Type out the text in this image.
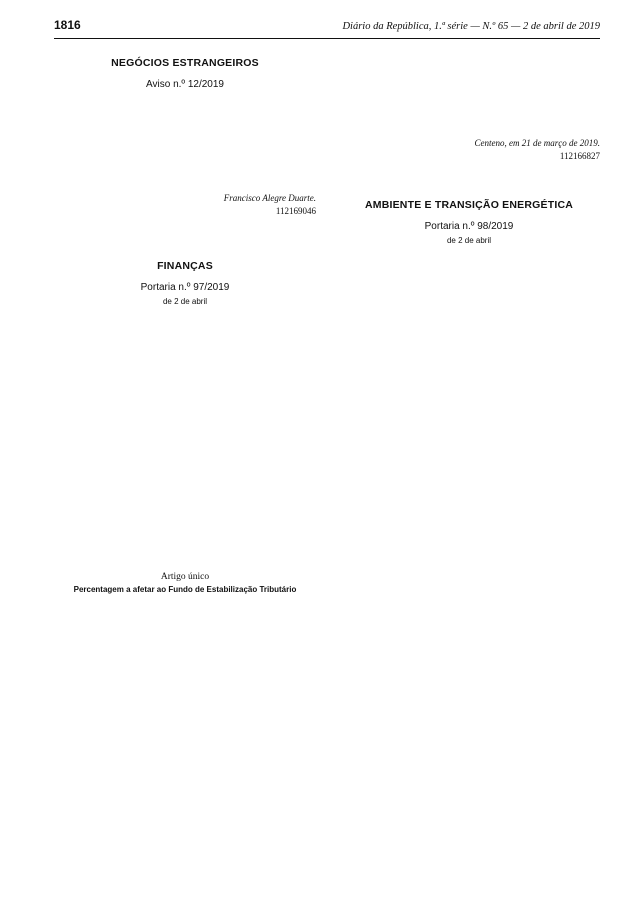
1816	Diário da República, 1.ª série — N.º 65 — 2 de abril de 2019
NEGÓCIOS ESTRANGEIROS
Aviso n.º 12/2019
Francisco Alegre Duarte.
112169046
FINANÇAS
Portaria n.º 97/2019
de 2 de abril
Artigo único
Percentagem a afetar ao Fundo de Estabilização Tributário
Centeno, em 21 de março de 2019.
112166827
AMBIENTE E TRANSIÇÃO ENERGÉTICA
Portaria n.º 98/2019
de 2 de abril
